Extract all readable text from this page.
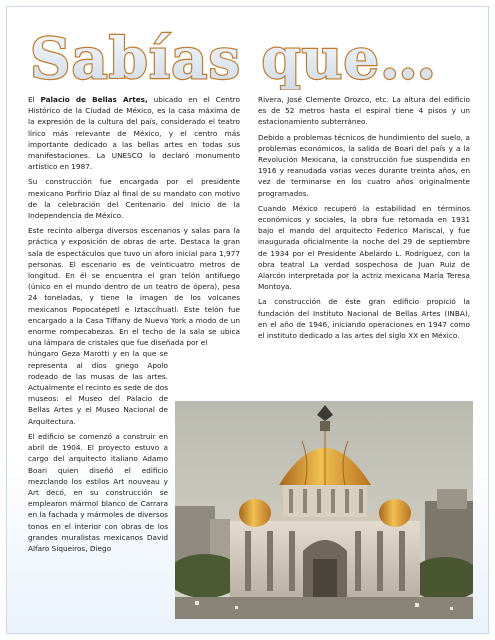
Sabías que…

El Palacio de Bellas Artes, ubicado en el Centro Histórico de la Ciudad de México, es la casa máxima de la expresión de la cultura del país, considerado el teatro lírico más relevante de México, y el centro más importante dedicado a las bellas artes en todas sus manifestaciones. La UNESCO lo declaró monumento artístico en 1987.

Su construcción fue encargada por el presidente mexicano Porfirio Díaz al final de su mandato con motivo de la celebración del Centenario del Inicio de la Independencia de México.

Este recinto alberga diversos escenarios y salas para la práctica y exposición de obras de arte. Destaca la gran sala de espectáculos que tuvo un aforo inicial para 1,977 personas. El escenario es de veinticuatro metros de longitud. En él se encuentra el gran telón antifuego (único en el mundo dentro de un teatro de ópera), pesa 24 toneladas, y tiene la imagen de los volcanes mexicanos Popocatépetl e Iztaccíhuatl. Este telón fue encargado a la Casa Tiffany de Nueva York a modo de un enorme rompecabezas. En el techo de la sala se ubica una lámpara de cristales que fue diseñada por el

húngaro Geza Marotti y en la que se representa al dios griego Apolo rodeado de las musas de las artes. Actualmente el recinto es sede de dos museos: el Museo del Palacio de Bellas Artes y el Museo Nacional de Arquitectura.

El edificio se comenzó a construir en abril de 1904. El proyecto estuvo a cargo del arquitecto italiano Adamo Boari quien diseñó el edificio mezclando los estilos Art nouveau y Art decó, en su construcción se emplearon mármol blanco de Carrara en la fachada y mármoles de diversos tonos en el interior con obras de los grandes muralistas mexicanos David Alfaro Siqueiros, Diego

Rivera, José Clemente Orozco, etc. La altura del edificio es de 52 metros hasta el espiral tiene 4 pisos y un estacionamiento subterráneo.

Debido a problemas técnicos de hundimiento del suelo, a problemas económicos, la salida de Boari del país y a la Revolución Mexicana, la construcción fue suspendida en 1916 y reanudada varias veces durante treinta años, en vez de terminarse en los cuatro años originalmente programados.

Cuando México recuperó la estabilidad en términos económicos y sociales, la obra fue retomada en 1931 bajo el mando del arquitecto Federico Mariscal, y fue inaugurada oficialmente la noche del 29 de septiembre de 1934 por el Presidente Abelardo L. Rodríguez, con la obra teatral La verdad sospechosa de Juan Ruiz de Alarcón interpretada por la actriz mexicana María Teresa Montoya.

La construcción de éste gran edificio propició la fundación del Instituto Nacional de Bellas Artes (INBA), en el año de 1946, iniciando operaciones en 1947 como el instituto dedicado a las artes del siglo XX en México.
